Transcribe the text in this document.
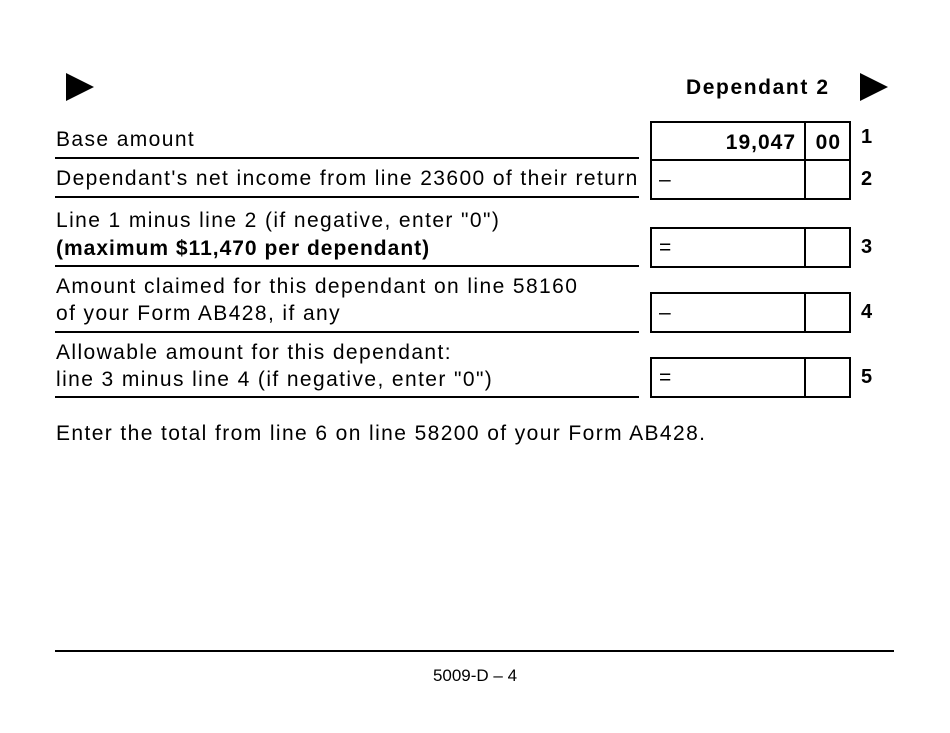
Dependant 2
Base amount	19,047 00 1
Dependant's net income from line 23600 of their return –	2
Line 1 minus line 2 (if negative, enter "0")
(maximum $11,470 per dependant)	=	3
Amount claimed for this dependant on line 58160
of your Form AB428, if any	–	4
Allowable amount for this dependant:
line 3 minus line 4 (if negative, enter "0")	=	5
Enter the total from line 6 on line 58200 of your Form AB428.
5009-D – 4
